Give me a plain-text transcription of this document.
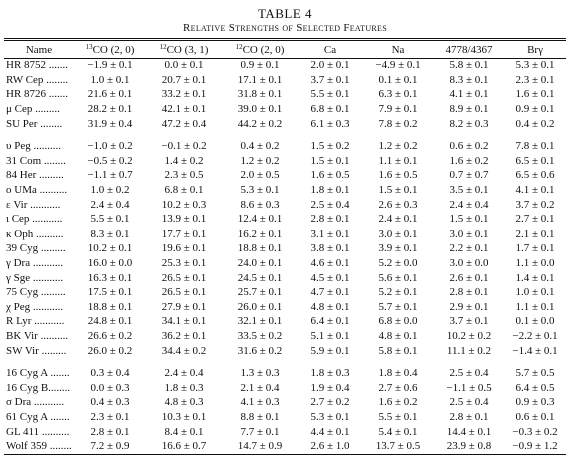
TABLE 4
Relative Strengths of Selected Features
Name	$^{13}$CO (2, 0)	$^{12}$CO (3, 1)	$^{12}$CO (2, 0)	Ca	Na	4778/4367	Brγ
HR 8752 .......	−1.9 ± 0.1	0.0 ± 0.1	0.9 ± 0.1	2.0 ± 0.1	−4.9 ± 0.1	5.8 ± 0.1	5.3 ± 0.1
RW Cep ........	1.0 ± 0.1	20.7 ± 0.1	17.1 ± 0.1	3.7 ± 0.1	0.1 ± 0.1	8.3 ± 0.1	2.3 ± 0.1
HR 8726 .......	21.6 ± 0.1	33.2 ± 0.1	31.8 ± 0.1	5.5 ± 0.1	6.3 ± 0.1	4.1 ± 0.1	1.6 ± 0.1
μ Cep .........	28.2 ± 0.1	42.1 ± 0.1	39.0 ± 0.1	6.8 ± 0.1	7.9 ± 0.1	8.9 ± 0.1	0.9 ± 0.1
SU Per ........	31.9 ± 0.4	47.2 ± 0.4	44.2 ± 0.2	6.1 ± 0.3	7.8 ± 0.2	8.2 ± 0.3	0.4 ± 0.2

υ Peg ..........	−1.0 ± 0.2	−0.1 ± 0.2	0.4 ± 0.2	1.5 ± 0.2	1.2 ± 0.2	0.6 ± 0.2	7.8 ± 0.1
31 Com ........	−0.5 ± 0.2	1.4 ± 0.2	1.2 ± 0.2	1.5 ± 0.1	1.1 ± 0.1	1.6 ± 0.2	6.5 ± 0.1
84 Her .........	−1.1 ± 0.7	2.3 ± 0.5	2.0 ± 0.5	1.6 ± 0.5	1.6 ± 0.5	0.7 ± 0.7	6.5 ± 0.6
o UMa ..........	1.0 ± 0.2	6.8 ± 0.1	5.3 ± 0.1	1.8 ± 0.1	1.5 ± 0.1	3.5 ± 0.1	4.1 ± 0.1
ε Vir ...........	2.4 ± 0.4	10.2 ± 0.3	8.6 ± 0.3	2.5 ± 0.4	2.6 ± 0.3	2.4 ± 0.4	3.7 ± 0.2
ι Cep ...........	5.5 ± 0.1	13.9 ± 0.1	12.4 ± 0.1	2.8 ± 0.1	2.4 ± 0.1	1.5 ± 0.1	2.7 ± 0.1
κ Oph ..........	8.3 ± 0.1	17.7 ± 0.1	16.2 ± 0.1	3.1 ± 0.1	3.0 ± 0.1	3.0 ± 0.1	2.1 ± 0.1
39 Cyg .........	10.2 ± 0.1	19.6 ± 0.1	18.8 ± 0.1	3.8 ± 0.1	3.9 ± 0.1	2.2 ± 0.1	1.7 ± 0.1
γ Dra ...........	16.0 ± 0.0	25.3 ± 0.1	24.0 ± 0.1	4.6 ± 0.1	5.2 ± 0.0	3.0 ± 0.0	1.1 ± 0.0
γ Sge ...........	16.3 ± 0.1	26.5 ± 0.1	24.5 ± 0.1	4.5 ± 0.1	5.6 ± 0.1	2.6 ± 0.1	1.4 ± 0.1
75 Cyg .........	17.5 ± 0.1	26.5 ± 0.1	25.7 ± 0.1	4.7 ± 0.1	5.2 ± 0.1	2.8 ± 0.1	1.0 ± 0.1
χ Peg ...........	18.8 ± 0.1	27.9 ± 0.1	26.0 ± 0.1	4.8 ± 0.1	5.7 ± 0.1	2.9 ± 0.1	1.1 ± 0.1
R Lyr ...........	24.8 ± 0.1	34.1 ± 0.1	32.1 ± 0.1	6.4 ± 0.1	6.8 ± 0.0	3.7 ± 0.1	0.1 ± 0.0
BK Vir ..........	26.6 ± 0.2	36.2 ± 0.1	33.5 ± 0.2	5.1 ± 0.1	4.8 ± 0.1	10.2 ± 0.2	−2.2 ± 0.1
SW Vir .........	26.0 ± 0.2	34.4 ± 0.2	31.6 ± 0.2	5.9 ± 0.1	5.8 ± 0.1	11.1 ± 0.2	−1.4 ± 0.1

16 Cyg A .......	0.3 ± 0.4	2.4 ± 0.4	1.3 ± 0.3	1.8 ± 0.3	1.8 ± 0.4	2.5 ± 0.4	5.7 ± 0.5
16 Cyg B........	0.0 ± 0.3	1.8 ± 0.3	2.1 ± 0.4	1.9 ± 0.4	2.7 ± 0.6	−1.1 ± 0.5	6.4 ± 0.5
σ Dra ...........	0.4 ± 0.3	4.8 ± 0.3	4.1 ± 0.3	2.7 ± 0.2	1.6 ± 0.2	2.5 ± 0.4	0.9 ± 0.3
61 Cyg A .......	2.3 ± 0.1	10.3 ± 0.1	8.8 ± 0.1	5.3 ± 0.1	5.5 ± 0.1	2.8 ± 0.1	0.6 ± 0.1
GL 411 ..........	2.8 ± 0.1	8.4 ± 0.1	7.7 ± 0.1	4.4 ± 0.1	5.4 ± 0.1	14.4 ± 0.1	−0.3 ± 0.2
Wolf 359 ........	7.2 ± 0.9	16.6 ± 0.7	14.7 ± 0.9	2.6 ± 1.0	13.7 ± 0.5	23.9 ± 0.8	−0.9 ± 1.2
